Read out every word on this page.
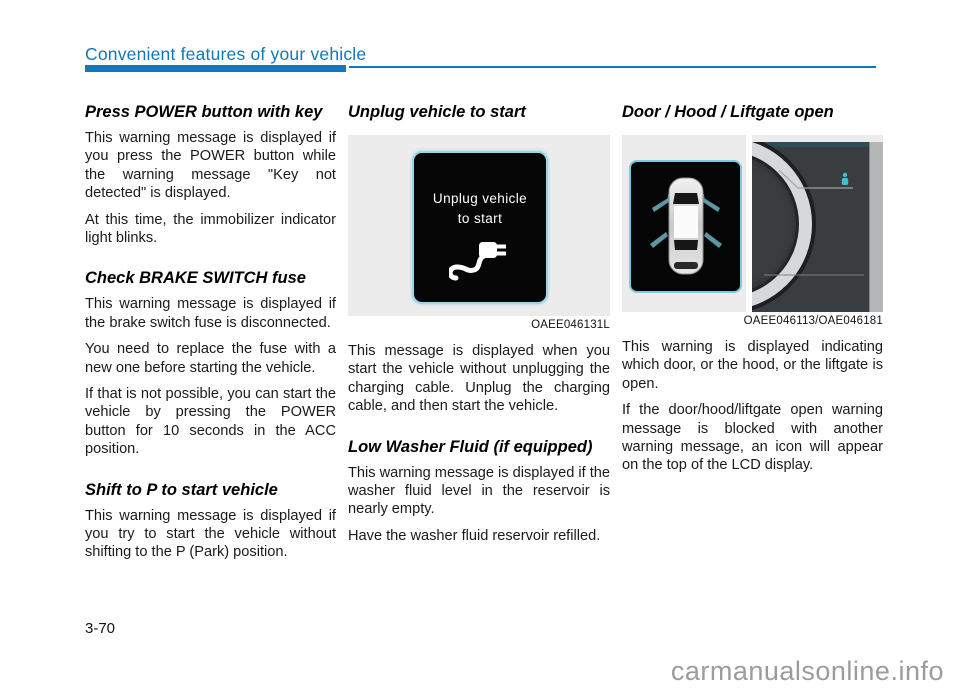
Convenient features of your vehicle
Press POWER button with key

This warning message is displayed if you press the POWER button while the warning message "Key not detected" is displayed.

At this time, the immobilizer indicator light blinks.

Check BRAKE SWITCH fuse

This warning message is displayed if the brake switch fuse is disconnected.

You need to replace the fuse with a new one before starting the vehicle.

If that is not possible, you can start the vehicle by pressing the POWER button for 10 seconds in the ACC position.

Shift to P to start vehicle

This warning message is displayed if you try to start the vehicle without shifting to the P (Park) position.

Unplug vehicle to start
Unplug vehicle
to start
OAEE046131L

This message is displayed when you start the vehicle without unplugging the charging cable. Unplug the charging cable, and then start the vehicle.

Low Washer Fluid (if equipped)

This warning message is displayed if the washer fluid level in the reservoir is nearly empty.

Have the washer fluid reservoir refilled.

Door / Hood / Liftgate open
OAEE046113/OAE046181

This warning is displayed indicating which door, or the hood, or the liftgate is open.

If the door/hood/liftgate open warning message is blocked with another warning message, an icon will appear on the top of the LCD display.

3-70
carmanualsonline.info
